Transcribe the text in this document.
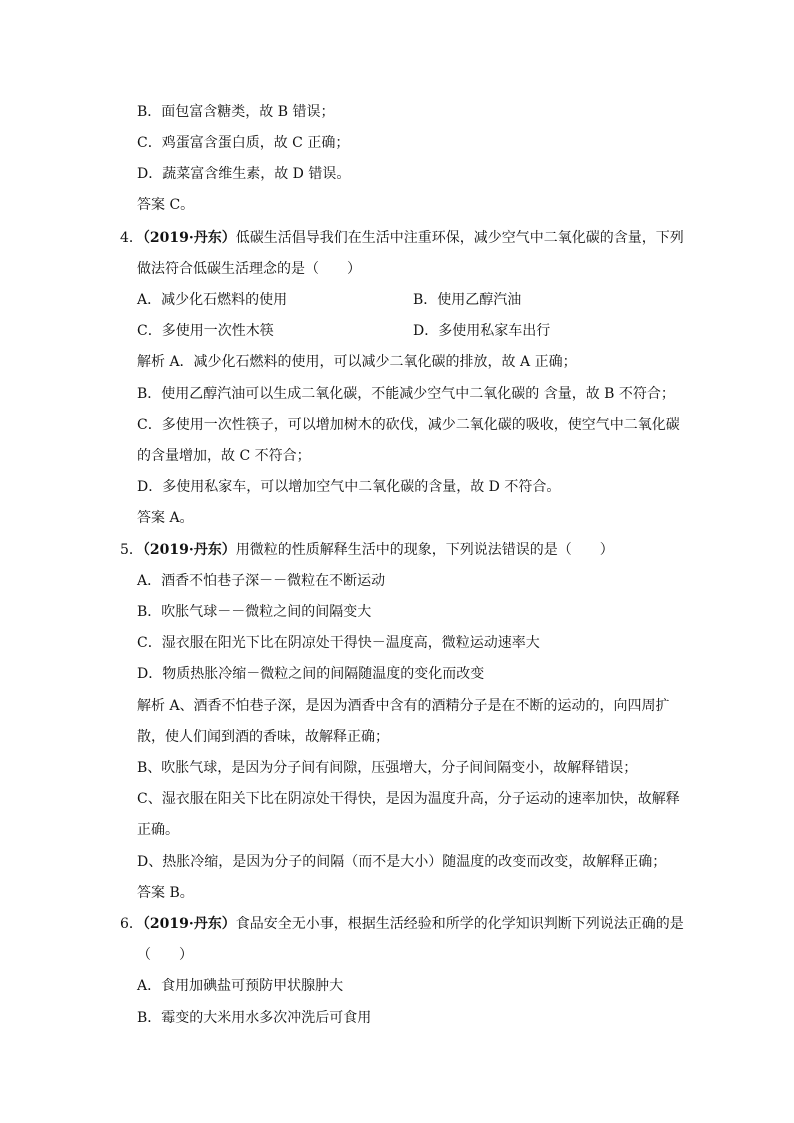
B．面包富含糖类，故 B 错误；
C．鸡蛋富含蛋白质，故 C 正确；
D．蔬菜富含维生素，故 D 错误。
答案 C。
4．（2019·丹东）低碳生活倡导我们在生活中注重环保，减少空气中二氧化碳的含量，下列
做法符合低碳生活理念的是（　　）
A．减少化石燃料的使用	B．使用乙醇汽油
C．多使用一次性木筷	D．多使用私家车出行
解析 A．减少化石燃料的使用，可以减少二氧化碳的排放，故 A 正确；
B．使用乙醇汽油可以生成二氧化碳，不能减少空气中二氧化碳的 含量，故 B 不符合；
C．多使用一次性筷子，可以增加树木的砍伐，减少二氧化碳的吸收，使空气中二氧化碳
的含量增加，故 C 不符合；
D．多使用私家车，可以增加空气中二氧化碳的含量，故 D 不符合。
答案 A。
5．（2019·丹东）用微粒的性质解释生活中的现象，下列说法错误的是（　　）
A．酒香不怕巷子深－－微粒在不断运动
B．吹胀气球－－微粒之间的间隔变大
C．湿衣服在阳光下比在阴凉处干得快－温度高，微粒运动速率大
D．物质热胀冷缩－微粒之间的间隔随温度的变化而改变
解析 A、酒香不怕巷子深，是因为酒香中含有的酒精分子是在不断的运动的，向四周扩
散，使人们闻到酒的香味，故解释正确；
B、吹胀气球，是因为分子间有间隙，压强增大，分子间间隔变小，故解释错误；
C、湿衣服在阳关下比在阴凉处干得快，是因为温度升高，分子运动的速率加快，故解释
正确。
D、热胀冷缩，是因为分子的间隔（而不是大小）随温度的改变而改变，故解释正确；
答案 B。
6．（2019·丹东）食品安全无小事，根据生活经验和所学的化学知识判断下列说法正确的是
（　　）
A．食用加碘盐可预防甲状腺肿大
B．霉变的大米用水多次冲洗后可食用
